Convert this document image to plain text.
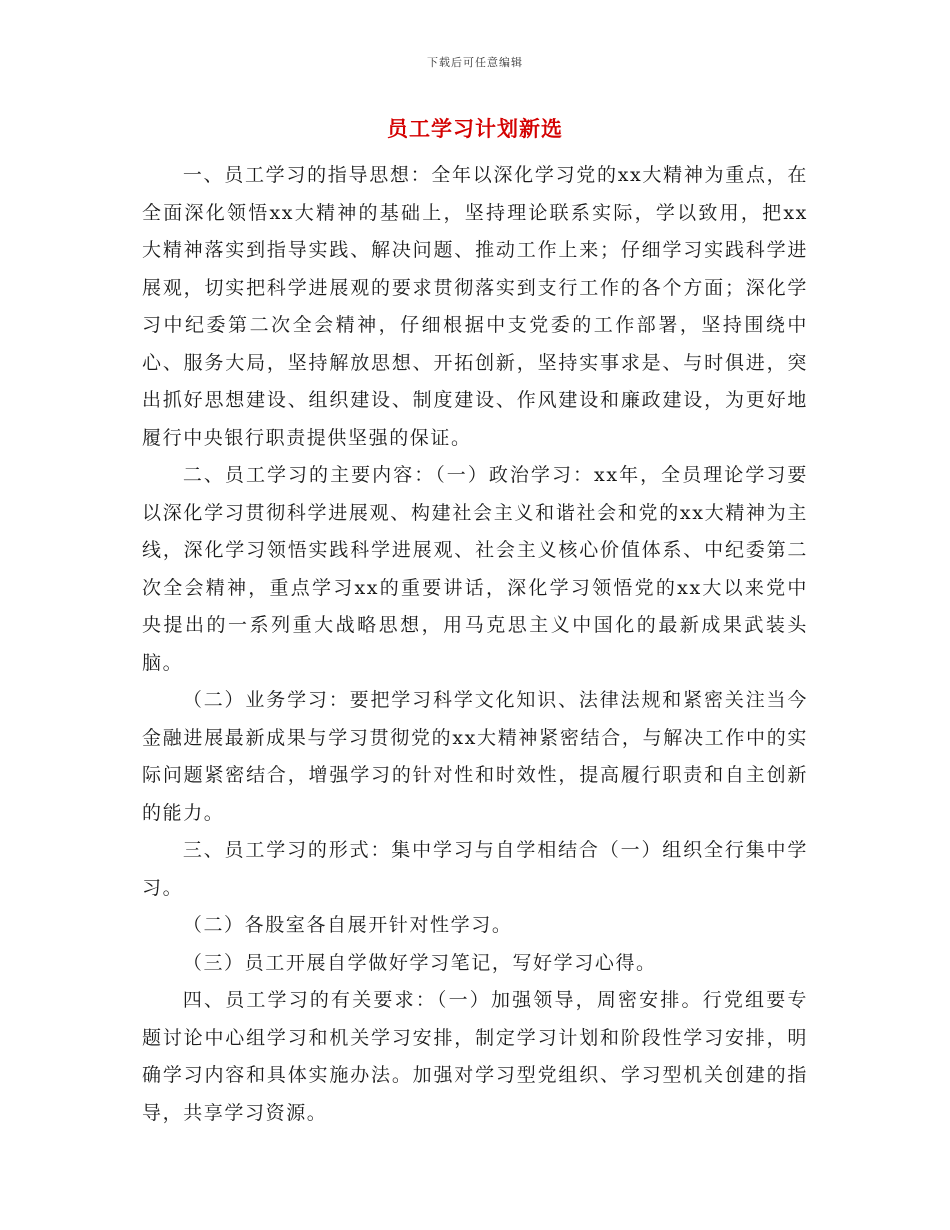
下载后可任意编辑
员工学习计划新选

一、员工学习的指导思想：全年以深化学习党的xx大精神为重点，在全面深化领悟xx大精神的基础上，坚持理论联系实际，学以致用，把xx大精神落实到指导实践、解决问题、推动工作上来；仔细学习实践科学进展观，切实把科学进展观的要求贯彻落实到支行工作的各个方面；深化学习中纪委第二次全会精神，仔细根据中支党委的工作部署，坚持围绕中心、服务大局，坚持解放思想、开拓创新，坚持实事求是、与时俱进，突出抓好思想建设、组织建设、制度建设、作风建设和廉政建设，为更好地履行中央银行职责提供坚强的保证。

二、员工学习的主要内容：（一）政治学习：xx年，全员理论学习要以深化学习贯彻科学进展观、构建社会主义和谐社会和党的xx大精神为主线，深化学习领悟实践科学进展观、社会主义核心价值体系、中纪委第二次全会精神，重点学习xx的重要讲话，深化学习领悟党的xx大以来党中央提出的一系列重大战略思想，用马克思主义中国化的最新成果武装头脑。

（二）业务学习：要把学习科学文化知识、法律法规和紧密关注当今金融进展最新成果与学习贯彻党的xx大精神紧密结合，与解决工作中的实际问题紧密结合，增强学习的针对性和时效性，提高履行职责和自主创新的能力。

三、员工学习的形式：集中学习与自学相结合（一）组织全行集中学习。

（二）各股室各自展开针对性学习。

（三）员工开展自学做好学习笔记，写好学习心得。

四、员工学习的有关要求：（一）加强领导，周密安排。行党组要专题讨论中心组学习和机关学习安排，制定学习计划和阶段性学习安排，明确学习内容和具体实施办法。加强对学习型党组织、学习型机关创建的指导，共享学习资源。
